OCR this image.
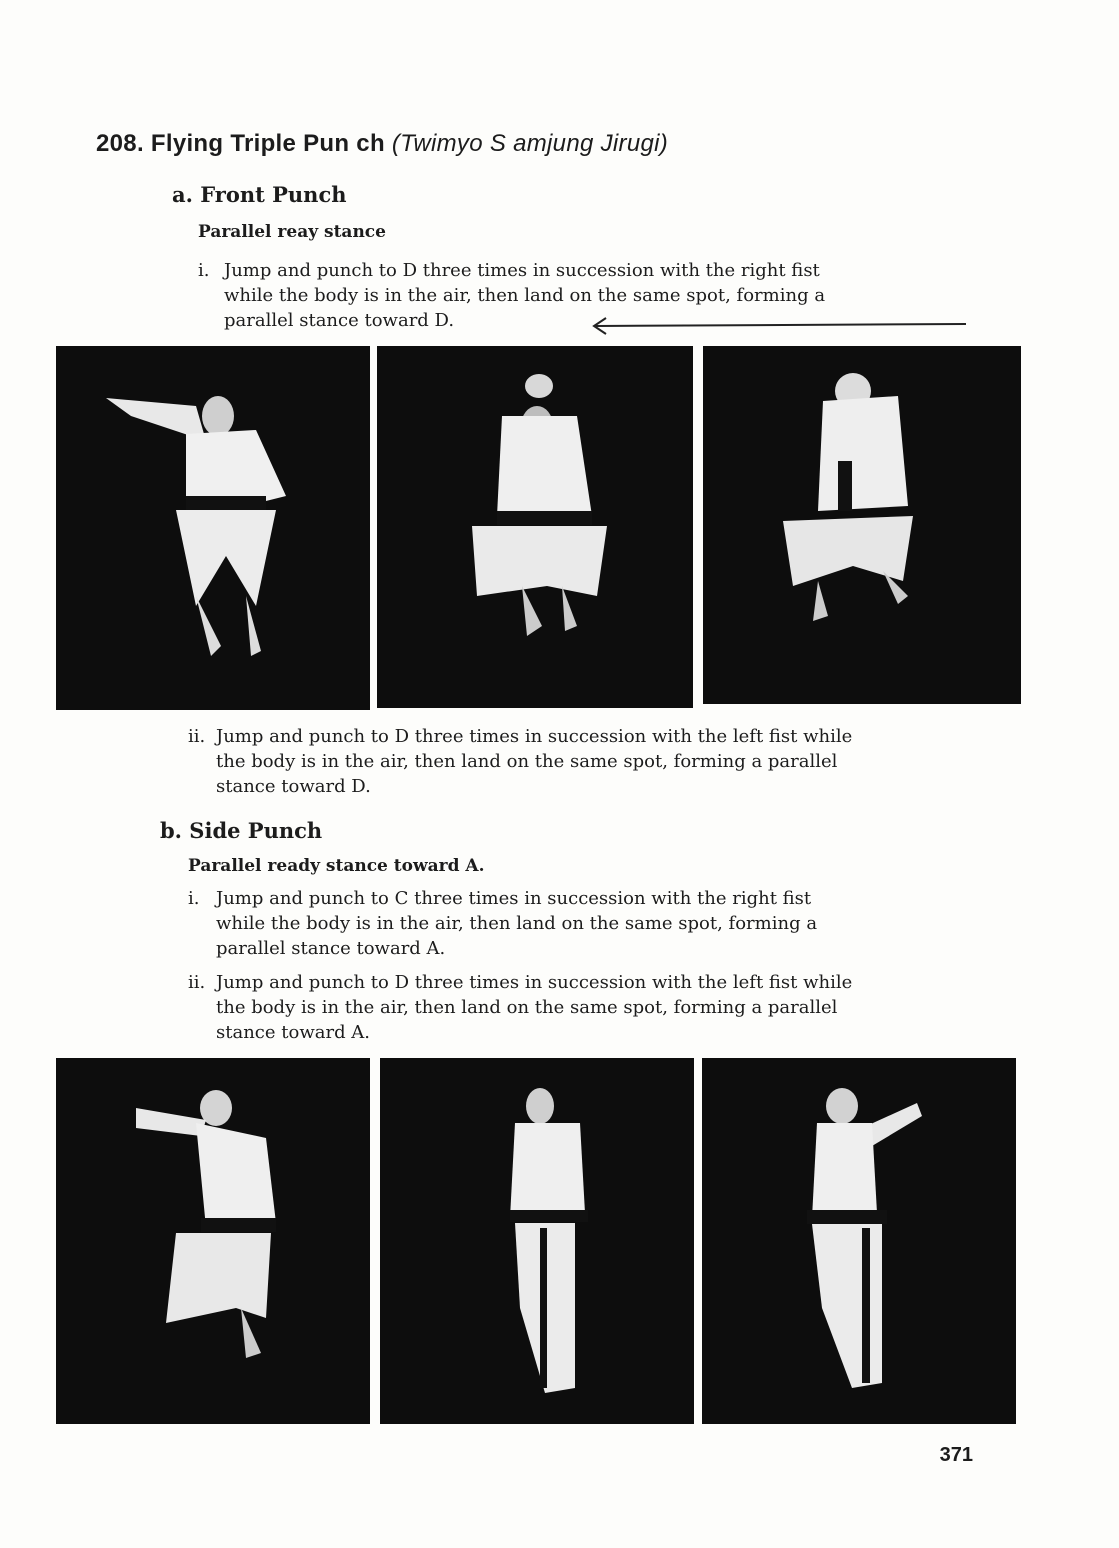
208. Flying Triple Pun ch (Twimyo S amjung Jirugi)
a. Front Punch
Parallel reay stance
i. Jump and punch to D three times in succession with the right fist
while the body is in the air, then land on the same spot, forming a
parallel stance toward D.
ii. Jump and punch to D three times in succession with the left fist while
the body is in the air, then land on the same spot, forming a parallel
stance toward D.
b. Side Punch
Parallel ready stance toward A.
i. Jump and punch to C three times in succession with the right fist
while the body is in the air, then land on the same spot, forming a
parallel stance toward A.
ii. Jump and punch to D three times in succession with the left fist while
the body is in the air, then land on the same spot, forming a parallel
stance toward A.
371
